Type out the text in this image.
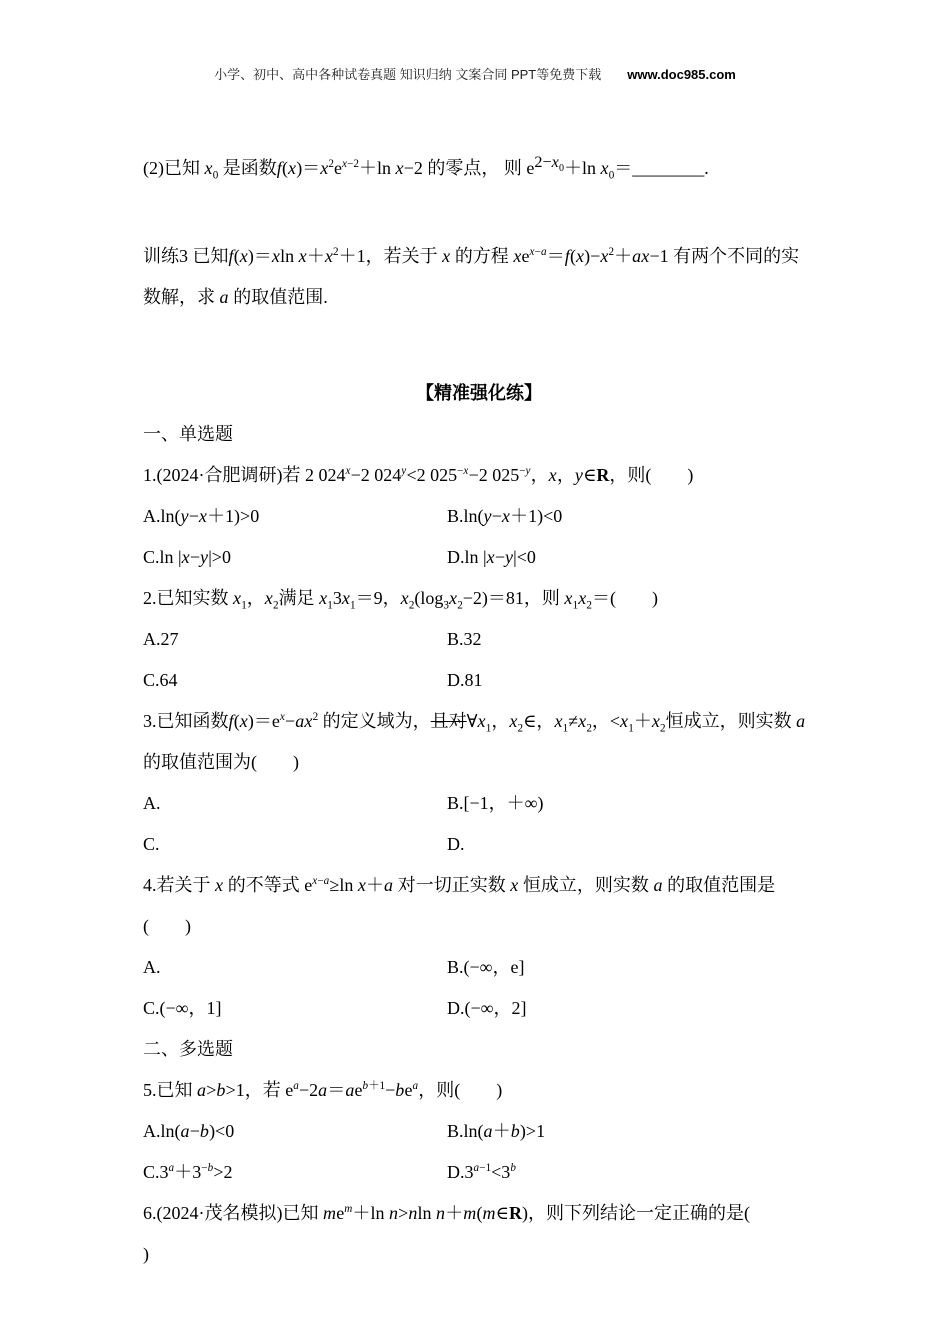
小学、初中、高中各种试卷真题 知识归纳 文案合同 PPT等免费下载 www.doc985.com

(2)已知 $x_0$ 是函数$f(x)=x^2e^{x-2}+\ln$ x−2 的零点， 则 $e^{2-x_0}+\ln$ $x_0=\_\_\_\_\_\_\_\_$.

训练3 已知f(x)＝xln $x+x^2+1$，若关于 x 的方程 $xe^{x-a}=f(x)-x^2+ax-1$ 有两个不同的实数解，求 a 的取值范围.

【精准强化练】

一、单选题

1.(2024·合肥调研)若 2 $024^x-2$ $024^y<2$ $025^{-x}-2$ $025^{-y}$，x，y∈R，则(　　)

A.ln(y−x＋1)>0	B.ln(y−x＋1)<0
C.ln |x−y|>0	D.ln |x−y|<0

2.已知实数 $x_1$，$x_2$满足 $x_13x_1=9$，$x_2(\log_3x_2-2)=81$，则 $x_1x_2=$(　　)

A.27	B.32
C.64	D.81

3.已知函数$f(x)=e^x-ax^2$ 的定义域为，且对$\forall x_1$，$x_2\in$，$x_1\ne x_2$，$<x_1+x_2$恒成立，则实数 a 的取值范围为(　　)

A.	B.[−1，＋∞)
C.	D.

4.若关于 x 的不等式 $e^{x-a}\ge\ln$ x＋a 对一切正实数 x 恒成立，则实数 a 的取值范围是(　　)

A.	B.(−∞，e]
C.(−∞，1]	D.(−∞，2]

二、多选题

5.已知 a>b>1，若 $e^a-2a=ae^{b+1}-be^a$，则(　　)

A.ln(a−b)<0	B.ln(a＋b)>1
$C.3^a+3^{-b}>2$	$D.3^{a-1}<3^b$

6.(2024·茂名模拟)已知 $me^m+\ln$ n>nln n＋m(m∈R)，则下列结论一定正确的是(

)
